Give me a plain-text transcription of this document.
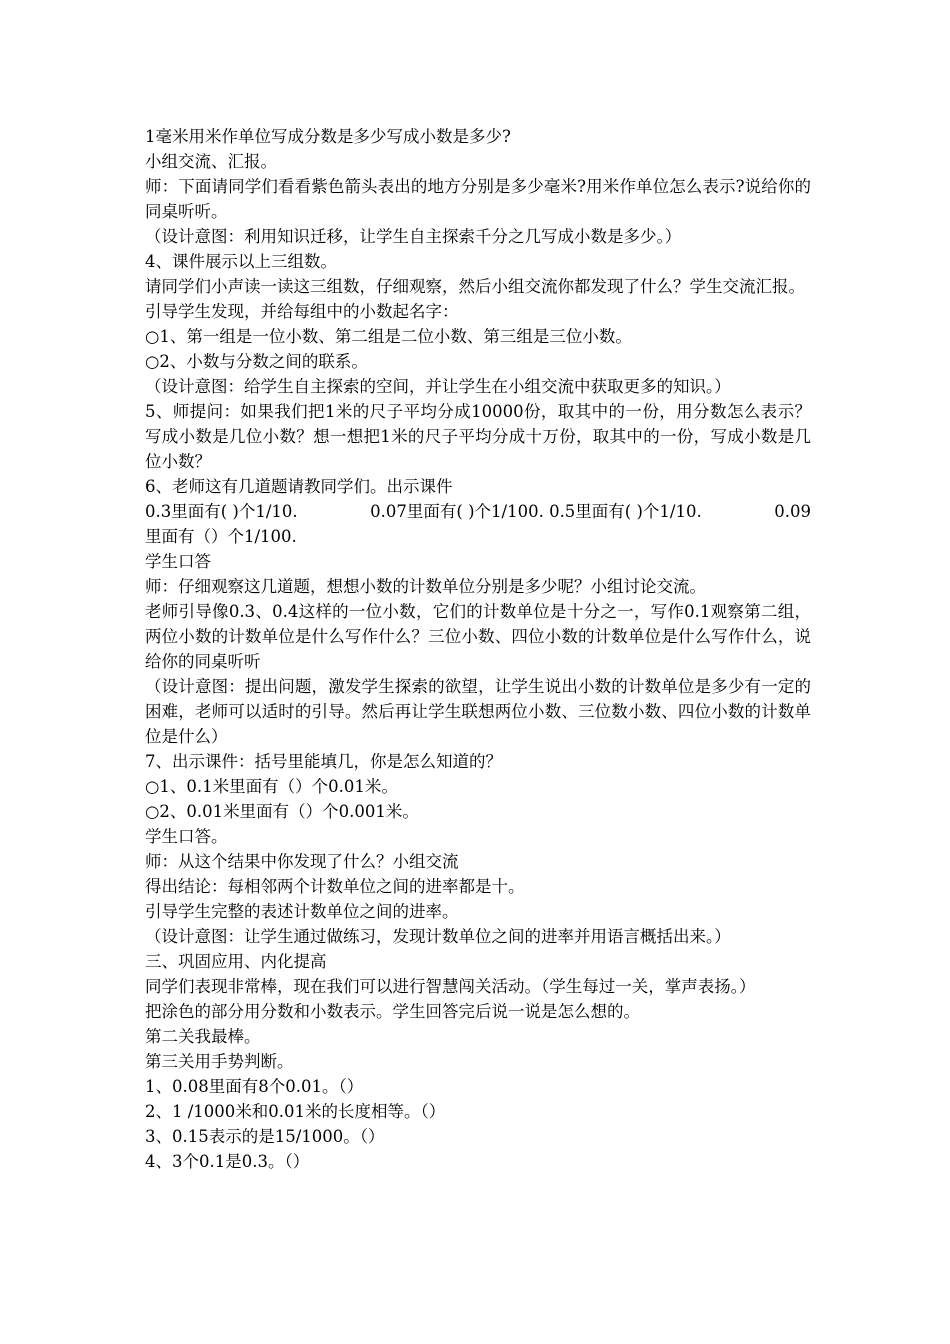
1毫米用米作单位写成分数是多少写成小数是多少?

小组交流、汇报。

师：下面请同学们看看紫色箭头表出的地方分别是多少毫米?用米作单位怎么表示?说给你的同桌听听。

（设计意图：利用知识迁移，让学生自主探索千分之几写成小数是多少。）

4、课件展示以上三组数。

请同学们小声读一读这三组数，仔细观察，然后小组交流你都发现了什么？学生交流汇报。

引导学生发现，并给每组中的小数起名字：

○1、第一组是一位小数、第二组是二位小数、第三组是三位小数。

○2、小数与分数之间的联系。

（设计意图：给学生自主探索的空间，并让学生在小组交流中获取更多的知识。）

5、师提问：如果我们把1米的尺子平均分成10000份，取其中的一份，用分数怎么表示？写成小数是几位小数？想一想把1米的尺子平均分成十万份，取其中的一份，写成小数是几位小数？

6、老师这有几道题请教同学们。出示课件

0.3里面有( )个1/10.	0.07里面有( )个1/100. 0.5里面有( )个1/10.	0.09

里面有（）个1/100.

学生口答

师：仔细观察这几道题，想想小数的计数单位分别是多少呢？小组讨论交流。

老师引导像0.3、0.4这样的一位小数，它们的计数单位是十分之一，写作0.1观察第二组，两位小数的计数单位是什么写作什么？三位小数、四位小数的计数单位是什么写作什么，说给你的同桌听听

（设计意图：提出问题，激发学生探索的欲望，让学生说出小数的计数单位是多少有一定的困难，老师可以适时的引导。然后再让学生联想两位小数、三位数小数、四位小数的计数单位是什么）

7、出示课件：括号里能填几，你是怎么知道的？

○1、0.1米里面有（）个0.01米。

○2、0.01米里面有（）个0.001米。

学生口答。

师：从这个结果中你发现了什么？小组交流

得出结论：每相邻两个计数单位之间的进率都是十。

引导学生完整的表述计数单位之间的进率。

（设计意图：让学生通过做练习，发现计数单位之间的进率并用语言概括出来。）

三、巩固应用、内化提高

同学们表现非常棒，现在我们可以进行智慧闯关活动。（学生每过一关，掌声表扬。）

把涂色的部分用分数和小数表示。学生回答完后说一说是怎么想的。

第二关我最棒。

第三关用手势判断。

1、0.08里面有8个0.01。（）

2、1 /1000米和0.01米的长度相等。（）

3、0.15表示的是15/1000。（）

4、3个0.1是0.3。（）
